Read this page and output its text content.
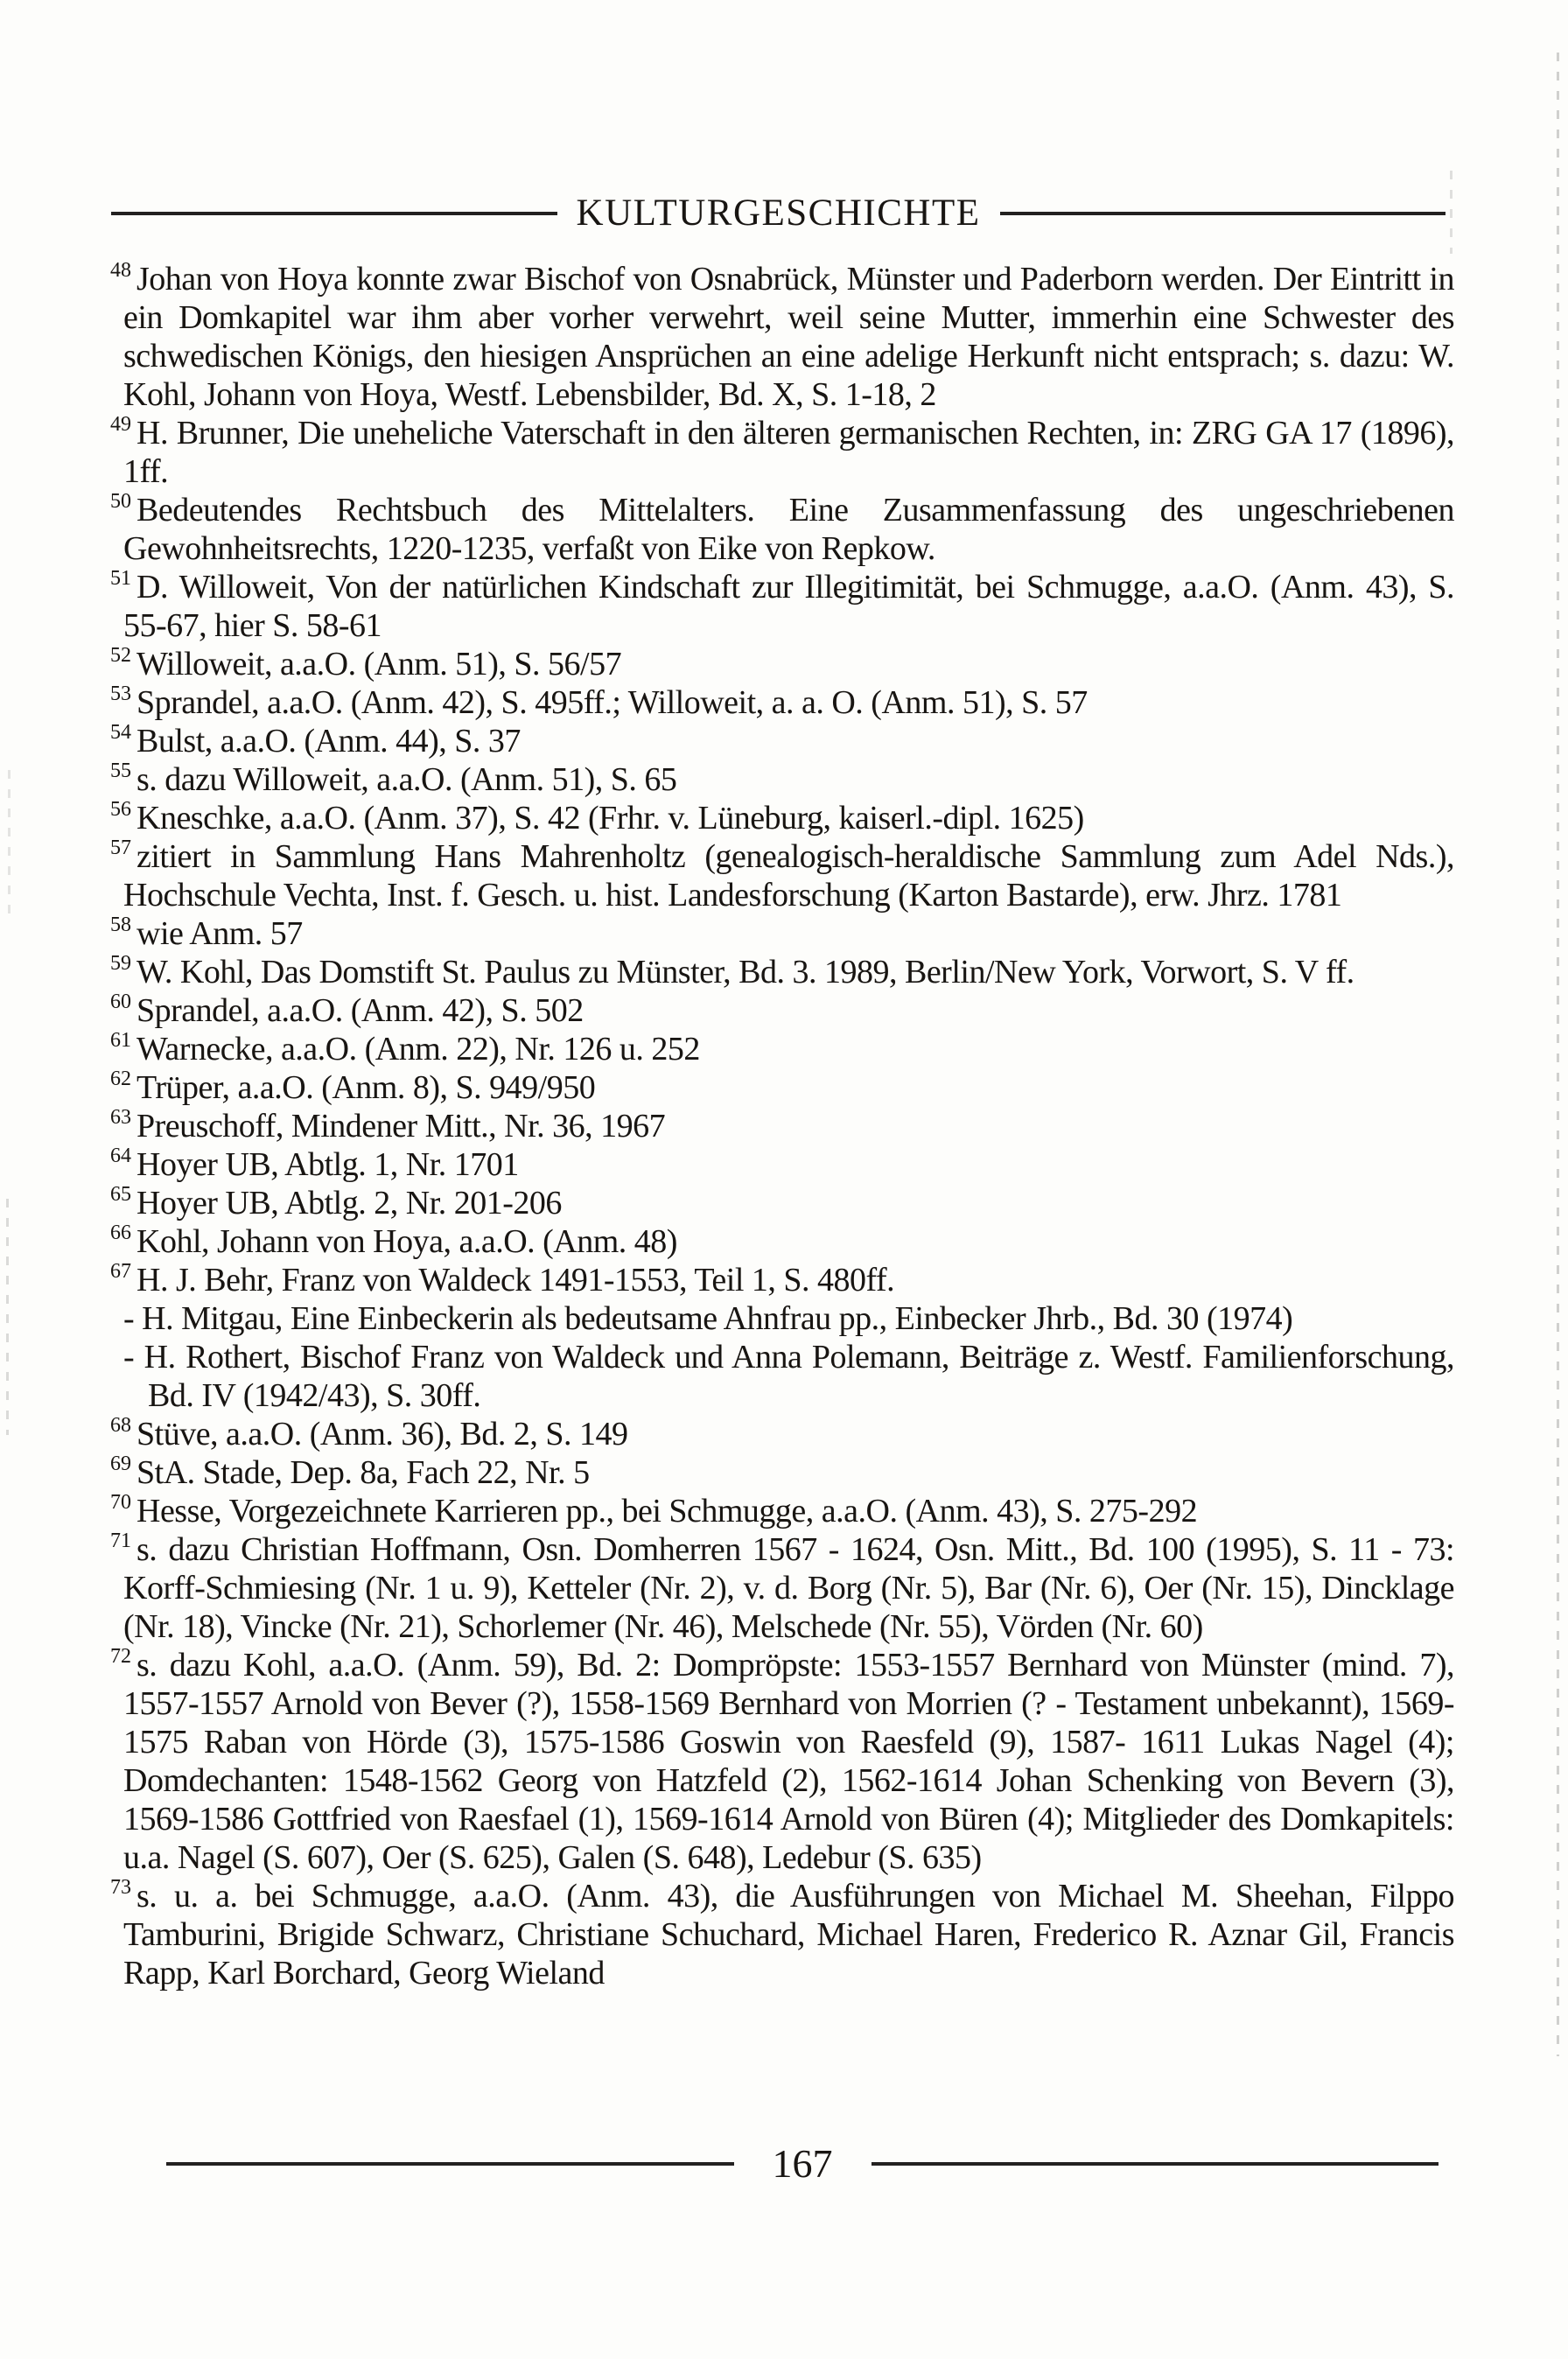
KULTURGESCHICHTE
$^{48}$ Johan von Hoya konnte zwar Bischof von Osnabrück, Münster und Paderborn werden. Der Eintritt in ein Domkapitel war ihm aber vorher verwehrt, weil seine Mutter, immerhin eine Schwester des schwedischen Königs, den hiesigen Ansprüchen an eine adelige Herkunft nicht entsprach; s. dazu: W. Kohl, Johann von Hoya, Westf. Lebensbilder, Bd. X, S. 1-18, 2
$^{49}$ H. Brunner, Die uneheliche Vaterschaft in den älteren germanischen Rechten, in: ZRG GA 17 (1896), 1ff.
$^{50}$ Bedeutendes Rechtsbuch des Mittelalters. Eine Zusammenfassung des ungeschriebenen Gewohnheitsrechts, 1220-1235, verfaßt von Eike von Repkow.
$^{51}$ D. Willoweit, Von der natürlichen Kindschaft zur Illegitimität, bei Schmugge, a.a.O. (Anm. 43), S. 55-67, hier S. 58-61
$^{52}$ Willoweit, a.a.O. (Anm. 51), S. 56/57
$^{53}$ Sprandel, a.a.O. (Anm. 42), S. 495ff.; Willoweit, a. a. O. (Anm. 51), S. 57
$^{54}$ Bulst, a.a.O. (Anm. 44), S. 37
$^{55}$ s. dazu Willoweit, a.a.O. (Anm. 51), S. 65
$^{56}$ Kneschke, a.a.O. (Anm. 37), S. 42 (Frhr. v. Lüneburg, kaiserl.-dipl. 1625)
$^{57}$ zitiert in Sammlung Hans Mahrenholtz (genealogisch-heraldische Sammlung zum Adel Nds.), Hochschule Vechta, Inst. f. Gesch. u. hist. Landesforschung (Karton Bastarde), erw. Jhrz. 1781
$^{58}$ wie Anm. 57
$^{59}$ W. Kohl, Das Domstift St. Paulus zu Münster, Bd. 3. 1989, Berlin/New York, Vorwort, S. V ff.
$^{60}$ Sprandel, a.a.O. (Anm. 42), S. 502
$^{61}$ Warnecke, a.a.O. (Anm. 22), Nr. 126 u. 252
$^{62}$ Trüper, a.a.O. (Anm. 8), S. 949/950
$^{63}$ Preuschoff, Mindener Mitt., Nr. 36, 1967
$^{64}$ Hoyer UB, Abtlg. 1, Nr. 1701
$^{65}$ Hoyer UB, Abtlg. 2, Nr. 201-206
$^{66}$ Kohl, Johann von Hoya, a.a.O. (Anm. 48)
$^{67}$ H. J. Behr, Franz von Waldeck 1491-1553, Teil 1, S. 480ff.
- H. Mitgau, Eine Einbeckerin als bedeutsame Ahnfrau pp., Einbecker Jhrb., Bd. 30 (1974)
- H. Rothert, Bischof Franz von Waldeck und Anna Polemann, Beiträge z. Westf. Familienforschung, Bd. IV (1942/43), S. 30ff.
$^{68}$ Stüve, a.a.O. (Anm. 36), Bd. 2, S. 149
$^{69}$ StA. Stade, Dep. 8a, Fach 22, Nr. 5
$^{70}$ Hesse, Vorgezeichnete Karrieren pp., bei Schmugge, a.a.O. (Anm. 43), S. 275-292
$^{71}$ s. dazu Christian Hoffmann, Osn. Domherren 1567 - 1624, Osn. Mitt., Bd. 100 (1995), S. 11 - 73: Korff-Schmiesing (Nr. 1 u. 9), Ketteler (Nr. 2), v. d. Borg (Nr. 5), Bar (Nr. 6), Oer (Nr. 15), Dincklage (Nr. 18), Vincke (Nr. 21), Schorlemer (Nr. 46), Melschede (Nr. 55), Vörden (Nr. 60)
$^{72}$ s. dazu Kohl, a.a.O. (Anm. 59), Bd. 2: Dompröpste: 1553-1557 Bernhard von Münster (mind. 7), 1557-1557 Arnold von Bever (?), 1558-1569 Bernhard von Morrien (? - Testament unbekannt), 1569-1575 Raban von Hörde (3), 1575-1586 Goswin von Raesfeld (9), 1587- 1611 Lukas Nagel (4); Domdechanten: 1548-1562 Georg von Hatzfeld (2), 1562-1614 Johan Schenking von Bevern (3), 1569-1586 Gottfried von Raesfael (1), 1569-1614 Arnold von Büren (4); Mitglieder des Domkapitels: u.a. Nagel (S. 607), Oer (S. 625), Galen (S. 648), Ledebur (S. 635)
$^{73}$ s. u. a. bei Schmugge, a.a.O. (Anm. 43), die Ausführungen von Michael M. Sheehan, Filppo Tamburini, Brigide Schwarz, Christiane Schuchard, Michael Haren, Frederico R. Aznar Gil, Francis Rapp, Karl Borchard, Georg Wieland
167
